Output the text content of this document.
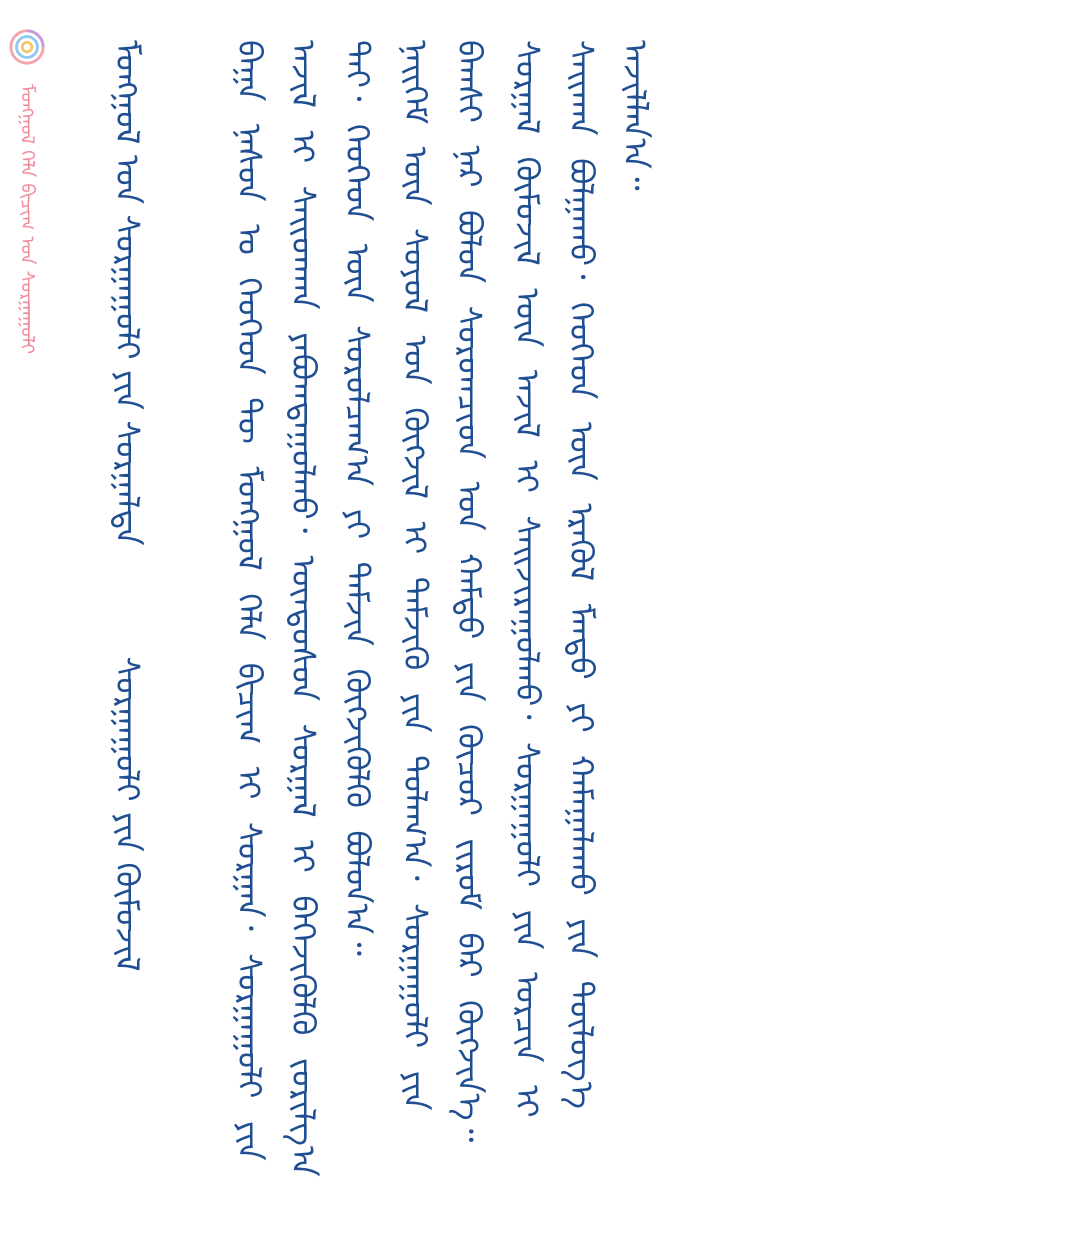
ᠮᠣᠩᠭᠣᠯ ᠬᠡᠯᠡ ᠪᠢᠴᠢᠭ᠋ ᠤᠨ ᠰᠤᠷᠭᠠᠭᠤᠯᠢ ᠮᠣᠩᠭᠣᠯ ᠤᠨ ᠰᠤᠷᠭᠠᠭᠤᠯᠢ ᠶᠢᠨ ᠰᠤᠷᠭᠠᠯᠲᠠ  ᠰᠤᠷᠭᠠᠭᠤᠯᠢ ᠶᠢᠨ ᠬᠥᠮᠦᠵᠢᠯ	ᠪᠠᠭᠠ ᠨᠠᠰᠤᠨ ᠤ ᠬᠡᠦᠬᠡᠳ ᠲᠦ ᠮᠣᠩᠭᠣᠯ ᠬᠡᠯᠡ ᠪᠢᠴᠢᠭ᠋ ᠢ ᠰᠤᠷᠭᠠᠨ᠂ ᠰᠤᠷᠭᠠᠭᠤᠯᠢ ᠶᠢᠨ ᠠᠵᠢᠯ ᠢ ᠰᠠᠢᠳᠬᠠᠨ ᠶᠠᠪᠤᠭᠳᠠᠭᠤᠯᠬᠤ᠂ ᠦᠨᠳᠦᠰᠦᠨ ᠰᠤᠷᠭᠠᠯ ᠢ ᠪᠡᠬᠡᠵᠢᠭᠦᠯᠬᠦ ᠵᠣᠷᠢᠯᠭ᠎ᠠ ᠲᠠᠢ᠂ ᠬᠡᠦᠬᠡᠳ ᠦᠨ ᠰᠤᠷᠤᠯᠴᠠᠭ᠎ᠠ ᠶᠢ ᠳᠡᠮᠵᠢᠨ ᠬᠥᠭᠵᠢᠭᠦᠯᠬᠦ ᠪᠤᠯᠤᠨ᠎ᠠ᠃ ᠨᠡᠢᠭᠡᠮ ᠦᠨ ᠰᠣᠶᠣᠯ ᠤᠨ ᠬᠥᠭᠵᠢᠯ ᠢ ᠳᠡᠮᠵᠢᠬᠦ ᠶᠢᠨ ᠲᠤᠯᠠᠭ᠎ᠠ᠂ ᠰᠤᠷᠭᠠᠭᠤᠯᠢ ᠶᠢᠨ ᠪᠠᠭᠰᠢ ᠨᠠᠷ ᠪᠣᠯᠤᠨ ᠰᠤᠷᠤᠭᠴᠢᠳ ᠤᠨ ᠬᠠᠮᠲᠤ ᠶᠢᠨ ᠬᠦᠴᠦᠷ ᠵᠢᠷᠤᠮ ᠪᠠᠷ ᠬᠥᠭᠵᠢᠨ᠎ᠡ᠃ ᠰᠤᠷᠭᠠᠯ ᠬᠦᠮᠦᠵᠢᠯ ᠦᠨ ᠠᠵᠢᠯ ᠢ ᠰᠠᠢᠵᠢᠷᠠᠭᠤᠯᠬᠤ᠂ ᠰᠤᠷᠭᠠᠭᠤᠯᠢ ᠶᠢᠨ ᠣᠷᠴᠢᠨ ᠢ ᠰᠠᠢᠬᠠᠨ ᠪᠣᠯᠭᠠᠬᠤ᠂ ᠬᠡᠦᠬᠡᠳ ᠦᠨ ᠡᠷᠡᠭᠦᠯ ᠮᠡᠨᠳᠦ ᠶᠢ ᠬᠠᠮᠠᠭᠠᠯᠠᠬᠤ ᠶᠢᠨ ᠲᠥᠯᠥᠭ᠎ᠡ ᠠᠵᠢᠯᠯᠠᠨ᠎ᠠ᠃
